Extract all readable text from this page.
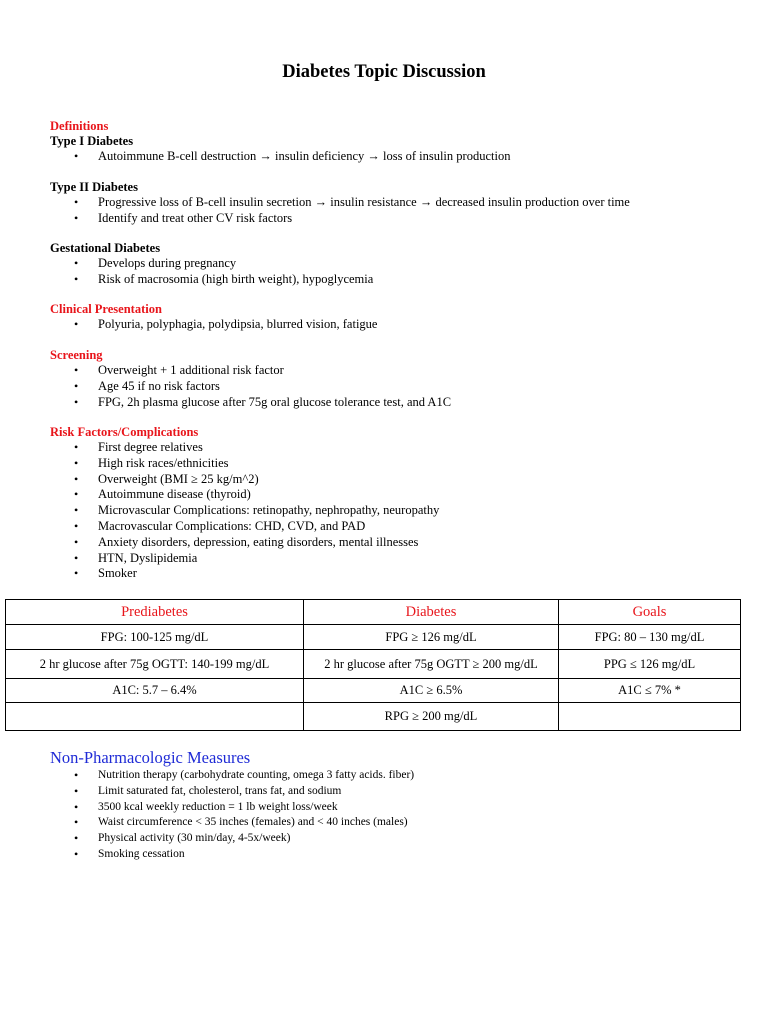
Diabetes Topic Discussion
Definitions
Type I Diabetes
• Autoimmune B-cell destruction → insulin deficiency → loss of insulin production
Type II Diabetes
• Progressive loss of B-cell insulin secretion → insulin resistance → decreased insulin production over time
• Identify and treat other CV risk factors
Gestational Diabetes
• Develops during pregnancy
• Risk of macrosomia (high birth weight), hypoglycemia
Clinical Presentation
• Polyuria, polyphagia, polydipsia, blurred vision, fatigue
Screening
• Overweight + 1 additional risk factor
• Age 45 if no risk factors
• FPG, 2h plasma glucose after 75g oral glucose tolerance test, and A1C
Risk Factors/Complications
• First degree relatives
• High risk races/ethnicities
• Overweight (BMI ≥ 25 kg/m^2)
• Autoimmune disease (thyroid)
• Microvascular Complications: retinopathy, nephropathy, neuropathy
• Macrovascular Complications: CHD, CVD, and PAD
• Anxiety disorders, depression, eating disorders, mental illnesses
• HTN, Dyslipidemia
• Smoker
Prediabetes	Diabetes	Goals
FPG: 100-125 mg/dL	FPG ≥ 126 mg/dL	FPG: 80 – 130 mg/dL
2 hr glucose after 75g OGTT: 140-199 mg/dL	2 hr glucose after 75g OGTT ≥ 200 mg/dL	PPG ≤ 126 mg/dL
A1C: 5.7 – 6.4%	A1C ≥ 6.5%	A1C ≤ 7% *
	RPG ≥ 200 mg/dL	
Non-Pharmacologic Measures
• Nutrition therapy (carbohydrate counting, omega 3 fatty acids. fiber)
• Limit saturated fat, cholesterol, trans fat, and sodium
• 3500 kcal weekly reduction = 1 lb weight loss/week
• Waist circumference < 35 inches (females) and < 40 inches (males)
• Physical activity (30 min/day, 4-5x/week)
• Smoking cessation
